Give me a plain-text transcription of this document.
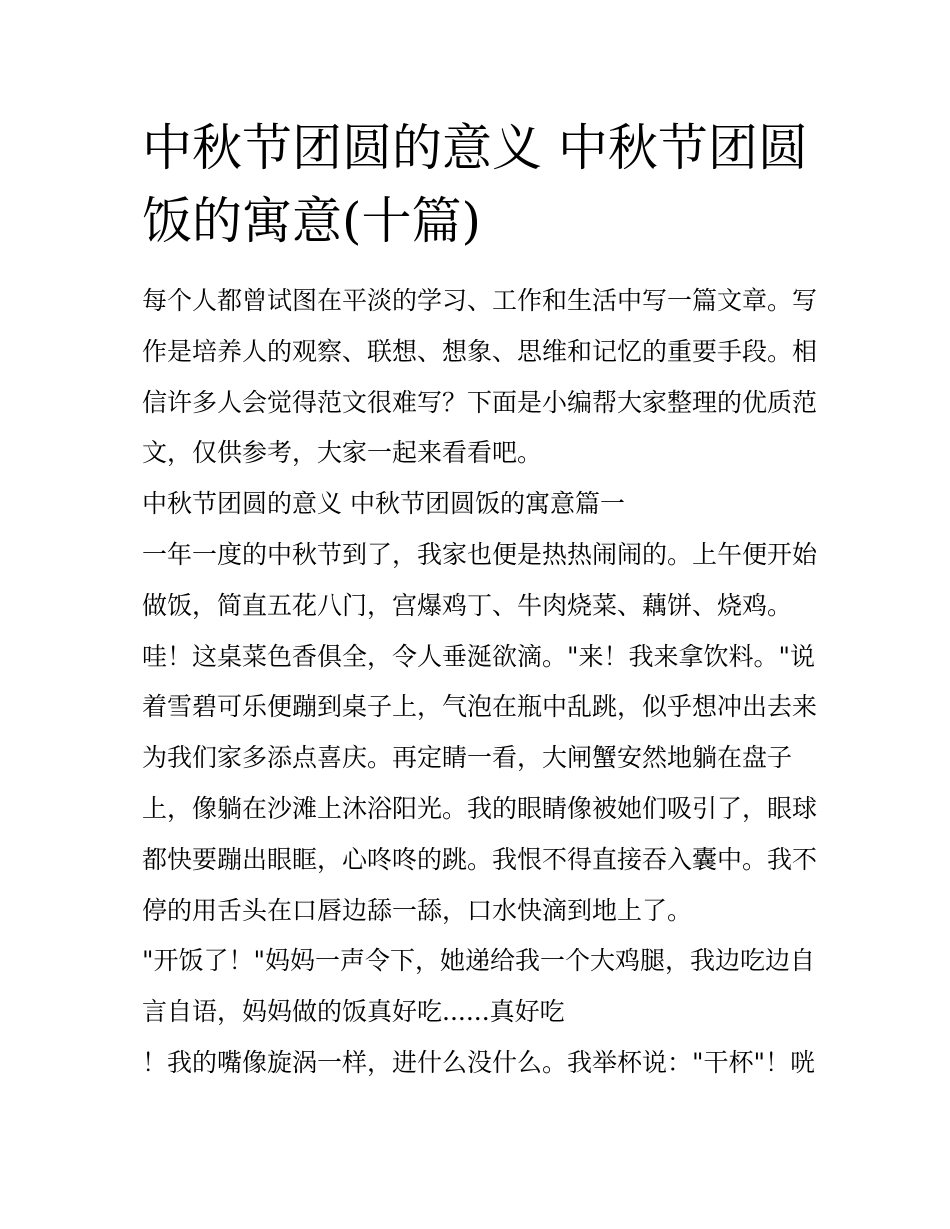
中秋节团圆的意义 中秋节团圆
饭的寓意(十篇)

每个人都曾试图在平淡的学习、工作和生活中写一篇文章。写

作是培养人的观察、联想、想象、思维和记忆的重要手段。相

信许多人会觉得范文很难写？下面是小编帮大家整理的优质范

文，仅供参考，大家一起来看看吧。

中秋节团圆的意义 中秋节团圆饭的寓意篇一

一年一度的中秋节到了，我家也便是热热闹闹的。上午便开始

做饭，简直五花八门，宫爆鸡丁、牛肉烧菜、藕饼、烧鸡。

哇！这桌菜色香俱全，令人垂涎欲滴。"来！我来拿饮料。"说

着雪碧可乐便蹦到桌子上，气泡在瓶中乱跳，似乎想冲出去来

为我们家多添点喜庆。再定睛一看，大闸蟹安然地躺在盘子

上，像躺在沙滩上沐浴阳光。我的眼睛像被她们吸引了，眼球

都快要蹦出眼眶，心咚咚的跳。我恨不得直接吞入囊中。我不

停的用舌头在口唇边舔一舔，口水快滴到地上了。

"开饭了！"妈妈一声令下，她递给我一个大鸡腿，我边吃边自

言自语，妈妈做的饭真好吃......真好吃

！我的嘴像旋涡一样，进什么没什么。我举杯说："干杯"！咣
